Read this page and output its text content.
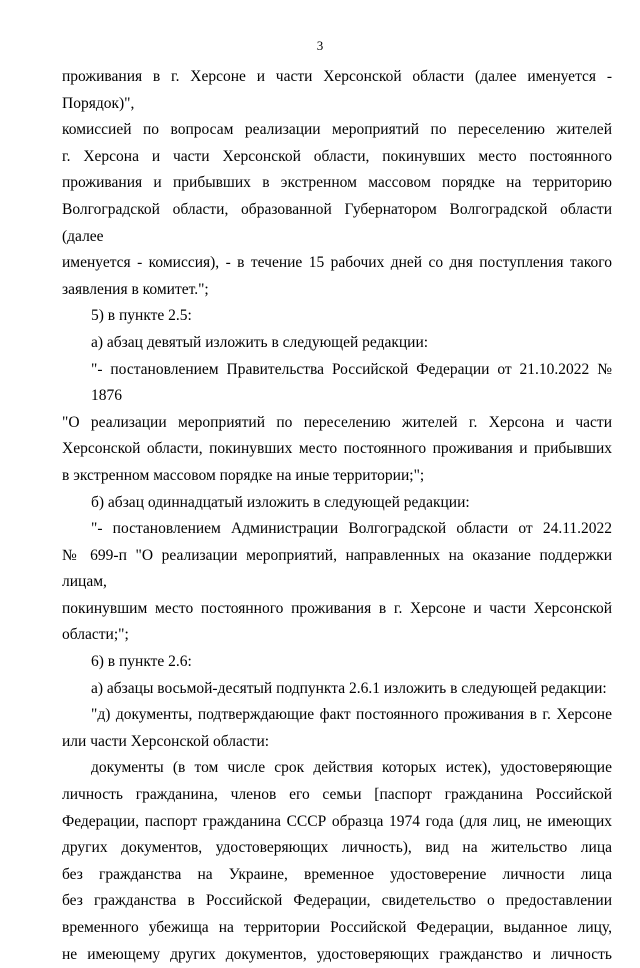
3
проживания в г. Херсоне и части Херсонской области (далее именуется - Порядок)",
комиссией по вопросам реализации мероприятий по переселению жителей
г. Херсона и части Херсонской области, покинувших место постоянного
проживания и прибывших в экстренном массовом порядке на территорию
Волгоградской области, образованной Губернатором Волгоградской области (далее
именуется - комиссия), - в течение 15 рабочих дней со дня поступления такого
заявления в комитет.";
5) в пункте 2.5:
а) абзац девятый изложить в следующей редакции:
"- постановлением Правительства Российской Федерации от 21.10.2022 № 1876
"О реализации мероприятий по переселению жителей г. Херсона и части
Херсонской области, покинувших место постоянного проживания и прибывших
в экстренном массовом порядке на иные территории;";
б) абзац одиннадцатый изложить в следующей редакции:
"- постановлением Администрации Волгоградской области от 24.11.2022
№ 699-п "О реализации мероприятий, направленных на оказание поддержки лицам,
покинувшим место постоянного проживания в г. Херсоне и части Херсонской
области;";
6) в пункте 2.6:
а) абзацы восьмой-десятый подпункта 2.6.1 изложить в следующей редакции:
"д) документы, подтверждающие факт постоянного проживания в г. Херсоне
или части Херсонской области:
документы (в том числе срок действия которых истек), удостоверяющие
личность гражданина, членов его семьи [паспорт гражданина Российской
Федерации, паспорт гражданина СССР образца 1974 года (для лиц, не имеющих
других документов, удостоверяющих личность), вид на жительство лица
без гражданства на Украине, временное удостоверение личности лица
без гражданства в Российской Федерации, свидетельство о предоставлении
временного убежища на территории Российской Федерации, выданное лицу,
не имеющему других документов, удостоверяющих гражданство и личность
